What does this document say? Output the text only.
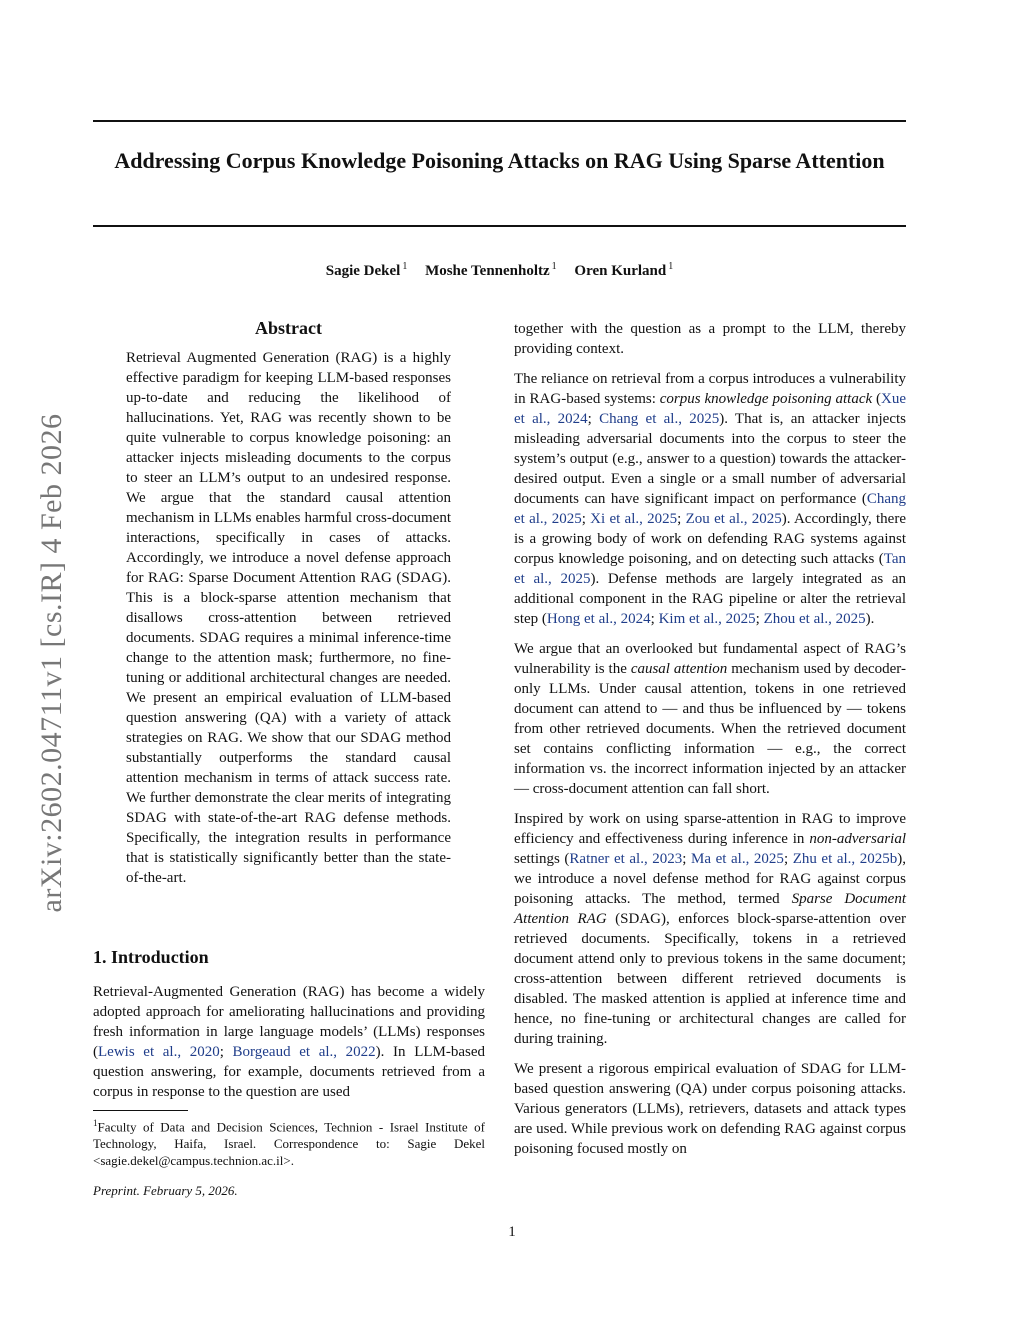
Addressing Corpus Knowledge Poisoning Attacks on RAG Using Sparse Attention
Sagie Dekel $^1$ Moshe Tennenholtz $^1$ Oren Kurland $^1$
arXiv:2602.04711v1 [cs.IR] 4 Feb 2026
Abstract

Retrieval Augmented Generation (RAG) is a highly effective paradigm for keeping LLM-based responses up-to-date and reducing the likelihood of hallucinations. Yet, RAG was recently shown to be quite vulnerable to corpus knowledge poisoning: an attacker injects misleading documents to the corpus to steer an LLM’s output to an undesired response. We argue that the standard causal attention mechanism in LLMs enables harmful cross-document interactions, specifically in cases of attacks. Accordingly, we introduce a novel defense approach for RAG: Sparse Document Attention RAG (SDAG). This is a block-sparse attention mechanism that disallows cross-attention between retrieved documents. SDAG requires a minimal inference-time change to the attention mask; furthermore, no fine-tuning or additional architectural changes are needed. We present an empirical evaluation of LLM-based question answering (QA) with a variety of attack strategies on RAG. We show that our SDAG method substantially outperforms the standard causal attention mechanism in terms of attack success rate. We further demonstrate the clear merits of integrating SDAG with state-of-the-art RAG defense methods. Specifically, the integration results in performance that is statistically significantly better than the state-of-the-art.

1. Introduction

Retrieval-Augmented Generation (RAG) has become a widely adopted approach for ameliorating hallucinations and providing fresh information in large language models’ (LLMs) responses (Lewis et al., 2020; Borgeaud et al., 2022). In LLM-based question answering, for example, documents retrieved from a corpus in response to the question are used

$^1$Faculty of Data and Decision Sciences, Technion - Israel Institute of Technology, Haifa, Israel. Correspondence to: Sagie Dekel <sagie.dekel@campus.technion.ac.il>.

Preprint. February 5, 2026.

together with the question as a prompt to the LLM, thereby providing context.

The reliance on retrieval from a corpus introduces a vulnerability in RAG-based systems: corpus knowledge poisoning attack (Xue et al., 2024; Chang et al., 2025). That is, an attacker injects misleading adversarial documents into the corpus to steer the system’s output (e.g., answer to a question) towards the attacker-desired output. Even a single or a small number of adversarial documents can have significant impact on performance (Chang et al., 2025; Xi et al., 2025; Zou et al., 2025). Accordingly, there is a growing body of work on defending RAG systems against corpus knowledge poisoning, and on detecting such attacks (Tan et al., 2025). Defense methods are largely integrated as an additional component in the RAG pipeline or alter the retrieval step (Hong et al., 2024; Kim et al., 2025; Zhou et al., 2025).

We argue that an overlooked but fundamental aspect of RAG’s vulnerability is the causal attention mechanism used by decoder-only LLMs. Under causal attention, tokens in one retrieved document can attend to — and thus be influenced by — tokens from other retrieved documents. When the retrieved document set contains conflicting information — e.g., the correct information vs. the incorrect information injected by an attacker — cross-document attention can fall short.

Inspired by work on using sparse-attention in RAG to improve efficiency and effectiveness during inference in non-adversarial settings (Ratner et al., 2023; Ma et al., 2025; Zhu et al., 2025b), we introduce a novel defense method for RAG against corpus poisoning attacks. The method, termed Sparse Document Attention RAG (SDAG), enforces block-sparse-attention over retrieved documents. Specifically, tokens in a retrieved document attend only to previous tokens in the same document; cross-attention between different retrieved documents is disabled. The masked attention is applied at inference time and hence, no fine-tuning or architectural changes are called for during training.

We present a rigorous empirical evaluation of SDAG for LLM-based question answering (QA) under corpus poisoning attacks. Various generators (LLMs), retrievers, datasets and attack types are used. While previous work on defending RAG against corpus poisoning focused mostly on

1
